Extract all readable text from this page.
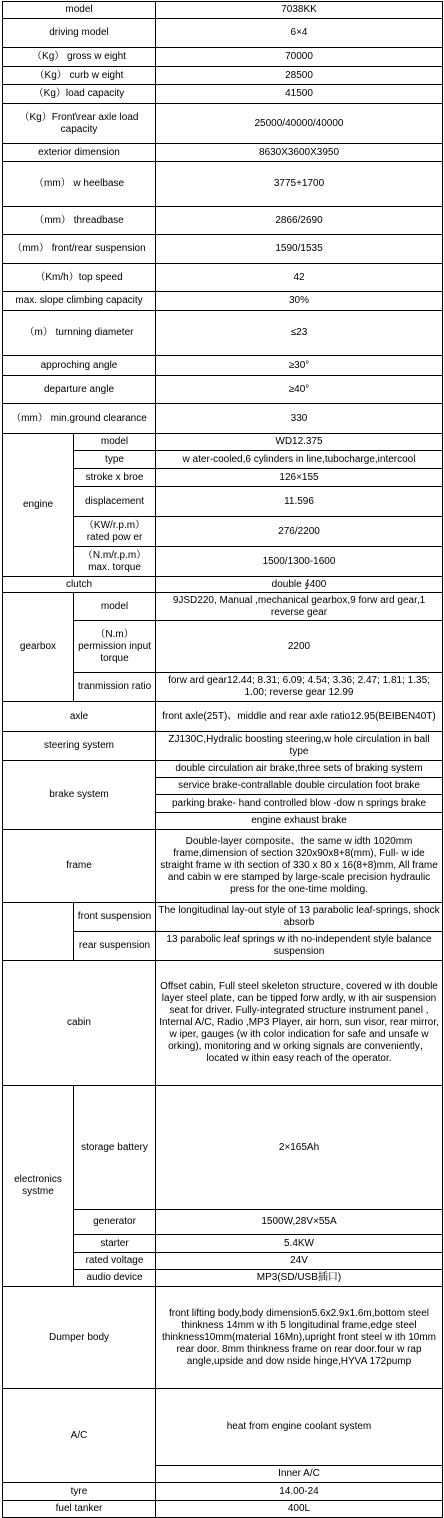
model		7038KK
driving model		6×4
（Kg） gross w eight		70000
（Kg） curb w eight		28500
（Kg）load capacity		41500
（Kg）Front\rear axle load capacity		25000/40000/40000
exterior dimension		8630X3600X3950
（mm） w heelbase		3775+1700
（mm） threadbase		2866/2690
（mm） front/rear suspension		1590/1535
（Km/h）top speed		42
max. slope climbing capacity		30%
（m） turnning diameter		≤23
approching angle		≥30°
departure angle		≥40°
（mm） min.ground clearance		330
engine	model	WD12.375
	type	w ater-cooled,6 cylinders in line,tubocharge,intercool
	stroke x broe	126×155
	displacement	11.596
	（KW/r.p.m） rated pow er	276/2200
	（N.m/r.p.m） max. torque	1500/1300-1600
clutch		double ∮400
gearbox	model	9JSD220, Manual ,mechanical gearbox,9 forw ard gear,1 reverse gear
	（N.m） permission input torque	2200
	tranmission ratio	forw ard gear12.44; 8.31; 6.09; 4.54; 3.36; 2.47; 1.81; 1.35; 1.00; reverse gear 12.99
axle		front axle(25T)、middle and rear axle ratio12.95(BEIBEN40T)
steering system		ZJ130C,Hydralic boosting steering,w hole circulation in ball type
brake system		double circulation air brake,three sets of braking system
		service brake-contrallable double circulation foot brake
		parking brake- hand controlled blow -dow n springs brake
		engine exhaust brake
frame		Double-layer composite、the same w idth 1020mm frame,dimension of section 320x90x8+8(mm), Full- w ide straight frame w ith section of 330 x 80 x 16(8+8)mm, All frame and cabin w ere stamped by large-scale precision hydraulic press for the one-time molding.
	front suspension	The longitudinal lay-out style of 13 parabolic leaf-springs, shock absorb
	rear suspension	13 parabolic leaf springs w ith no-independent style balance suspension
cabin		Offset cabin, Full steel skeleton structure, covered w ith double layer steel plate, can be tipped forw ardly, w ith air suspension seat for driver. Fully-integrated structure instrument panel , Internal A/C, Radio ,MP3 Player, air horn, sun visor, rear mirror, w iper, gauges (w ith color indication for safe and unsafe w orking), monitoring and w orking signals are conveniently，located w ithin easy reach of the operator.
electronics systme	storage battery	2×165Ah
	generator	1500W,28V×55A
	starter	5.4KW
	rated voltage	24V
	audio device	MP3(SD/USB插口)
Dumper body		front lifting body,body dimension5.6x2.9x1.6m,bottom steel thinkness 14mm w ith 5 longitudinal frame,edge steel thinkness10mm(material 16Mn),upright front steel w ith 10mm rear door. 8mm thinkness frame on rear door.four w rap angle,upside and dow nside hinge,HYVA 172pump
A/C		heat from engine coolant system
		Inner A/C
tyre		14.00-24
fuel tanker		400L
